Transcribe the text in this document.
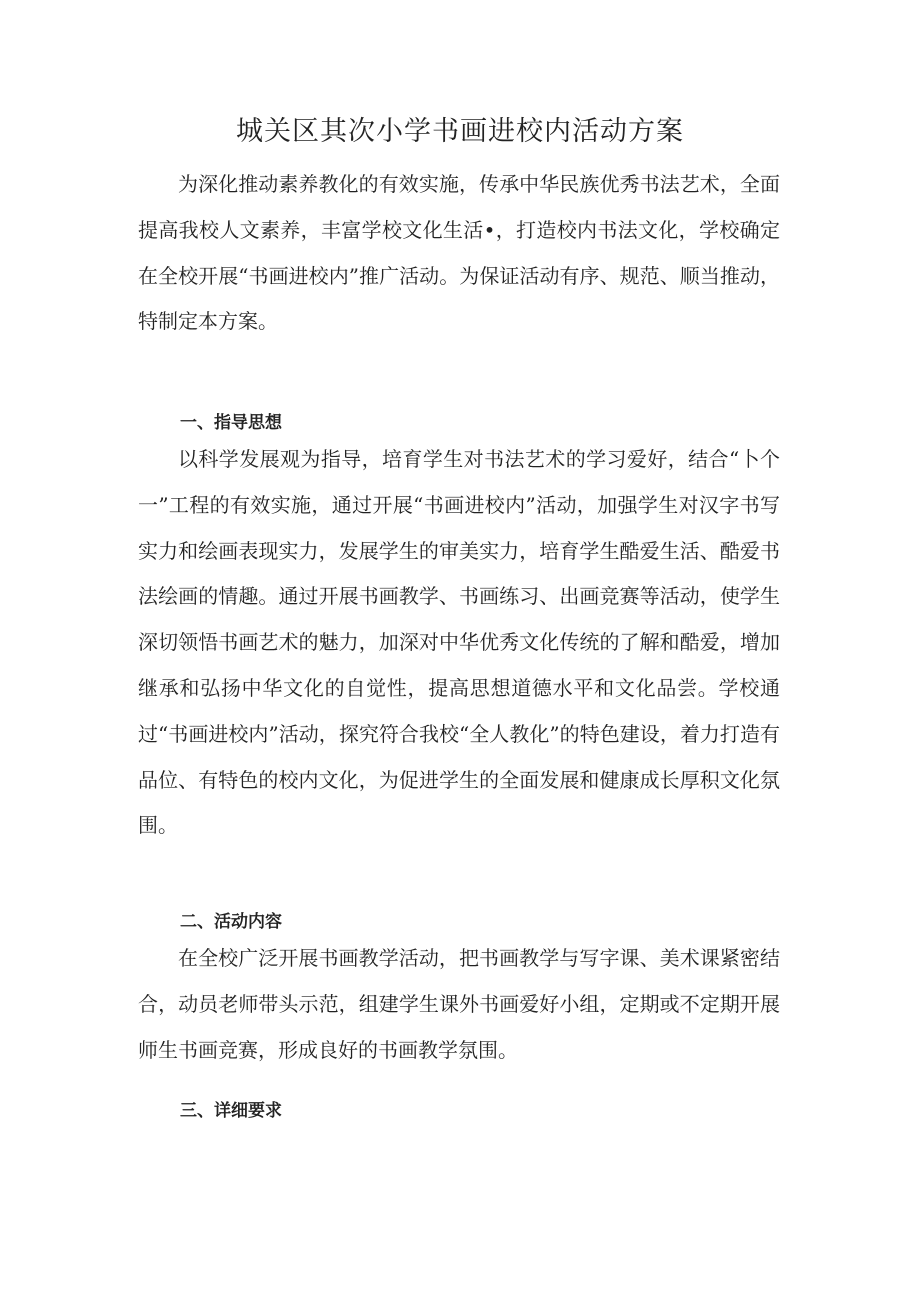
城关区其次小学书画进校内活动方案

为深化推动素养教化的有效实施，传承中华民族优秀书法艺术，全面提高我校人文素养，丰富学校文化生活•，打造校内书法文化，学校确定在全校开展“书画进校内”推广活动。为保证活动有序、规范、顺当推动，特制定本方案。

一、指导思想

以科学发展观为指导，培育学生对书法艺术的学习爱好，结合“卜个一”工程的有效实施，通过开展“书画进校内”活动，加强学生对汉字书写实力和绘画表现实力，发展学生的审美实力，培育学生酷爱生活、酷爱书法绘画的情趣。通过开展书画教学、书画练习、出画竞赛等活动，使学生深切领悟书画艺术的魅力，加深对中华优秀文化传统的了解和酷爱，增加继承和弘扬中华文化的自觉性，提高思想道德水平和文化品尝。学校通过“书画进校内”活动，探究符合我校“全人教化”的特色建设，着力打造有品位、有特色的校内文化，为促进学生的全面发展和健康成长厚积文化氛围。

二、活动内容

在全校广泛开展书画教学活动，把书画教学与写字课、美术课紧密结合，动员老师带头示范，组建学生课外书画爱好小组，定期或不定期开展师生书画竞赛，形成良好的书画教学氛围。

三、详细要求
